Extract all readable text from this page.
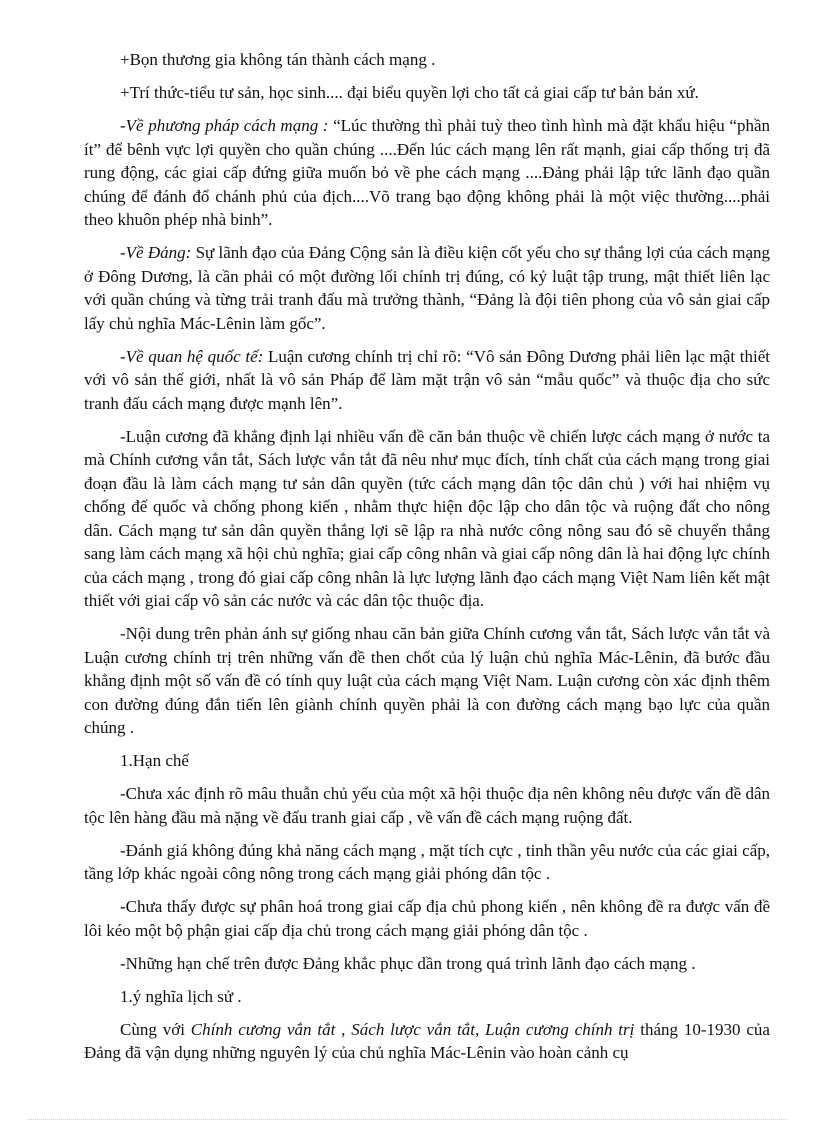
+Bọn thương gia không tán thành cách mạng .

+Trí thức-tiểu tư sản, học sinh.... đại biểu quyền lợi cho tất cả giai cấp tư bản bản xứ.

-Về phương pháp cách mạng : “Lúc thường thì phải tuỳ theo tình hình mà đặt khẩu hiệu “phần ít” để bênh vực lợi quyền cho quần chúng ....Đến lúc cách mạng lên rất mạnh, giai cấp thống trị đã rung động, các giai cấp đứng giữa muốn bỏ về phe cách mạng ....Đảng phải lập tức lãnh đạo quần chúng để đánh đổ chánh phủ của địch....Võ trang bạo động không phải là một việc thường....phải theo khuôn phép nhà binh”.

-Về Đảng: Sự lãnh đạo của Đảng Cộng sản là điều kiện cốt yếu cho sự thắng lợi của cách mạng ở Đông Dương, là cần phải có một đường lối chính trị đúng, có kỷ luật tập trung, mật thiết liên lạc với quần chúng và từng trải tranh đấu mà trưởng thành, “Đảng là đội tiên phong của vô sản giai cấp lấy chủ nghĩa Mác-Lênin làm gốc”.

-Về quan hệ quốc tế: Luận cương chính trị chỉ rõ: “Vô sản Đông Dương phải liên lạc mật thiết với vô sản thế giới, nhất là vô sản Pháp để làm mặt trận vô sản “mẫu quốc” và thuộc địa cho sức tranh đấu cách mạng được mạnh lên”.

-Luận cương đã khẳng định lại nhiều vấn đề căn bản thuộc về chiến lược cách mạng ở nước ta mà Chính cương vắn tắt, Sách lược vắn tắt đã nêu như mục đích, tính chất của cách mạng trong giai đoạn đầu là làm cách mạng tư sản dân quyền (tức cách mạng dân tộc dân chủ ) với hai nhiệm vụ chống đế quốc và chống phong kiến , nhằm thực hiện độc lập cho dân tộc và ruộng đất cho nông dân. Cách mạng tư sản dân quyền thắng lợi sẽ lập ra nhà nước công nông sau đó sẽ chuyển thẳng sang làm cách mạng xã hội chủ nghĩa; giai cấp công nhân và giai cấp nông dân là hai động lực chính của cách mạng , trong đó giai cấp công nhân là lực lượng lãnh đạo cách mạng Việt Nam liên kết mật thiết với giai cấp vô sản các nước và các dân tộc thuộc địa.

-Nội dung trên phản ánh sự giống nhau căn bản giữa Chính cương vắn tắt, Sách lược vắn tắt và Luận cương chính trị trên những vấn đề then chốt của lý luận chủ nghĩa Mác-Lênin, đã bước đầu khẳng định một số vấn đề có tính quy luật của cách mạng Việt Nam. Luận cương còn xác định thêm con đường đúng đắn tiến lên giành chính quyền phải là con đường cách mạng bạo lực của quần chúng .

1.Hạn chế

-Chưa xác định rõ mâu thuẫn chủ yếu của một xã hội thuộc địa nên không nêu được vấn đề dân tộc lên hàng đầu mà nặng về đấu tranh giai cấp , về vấn đề cách mạng ruộng đất.

-Đánh giá không đúng khả năng cách mạng , mặt tích cực , tinh thần yêu nước của các giai cấp, tầng lớp khác ngoài công nông trong cách mạng giải phóng dân tộc .

-Chưa thấy được sự phân hoá trong giai cấp địa chủ phong kiến , nên không đề ra được vấn đề lôi kéo một bộ phận giai cấp địa chủ trong cách mạng giải phóng dân tộc .

-Những hạn chế trên được Đảng khắc phục dần trong quá trình lãnh đạo cách mạng .

1.ý nghĩa lịch sử .

Cùng với Chính cương vắn tắt , Sách lược vắn tắt, Luận cương chính trị tháng 10-1930 của Đảng đã vận dụng những nguyên lý của chủ nghĩa Mác-Lênin vào hoàn cảnh cụ
